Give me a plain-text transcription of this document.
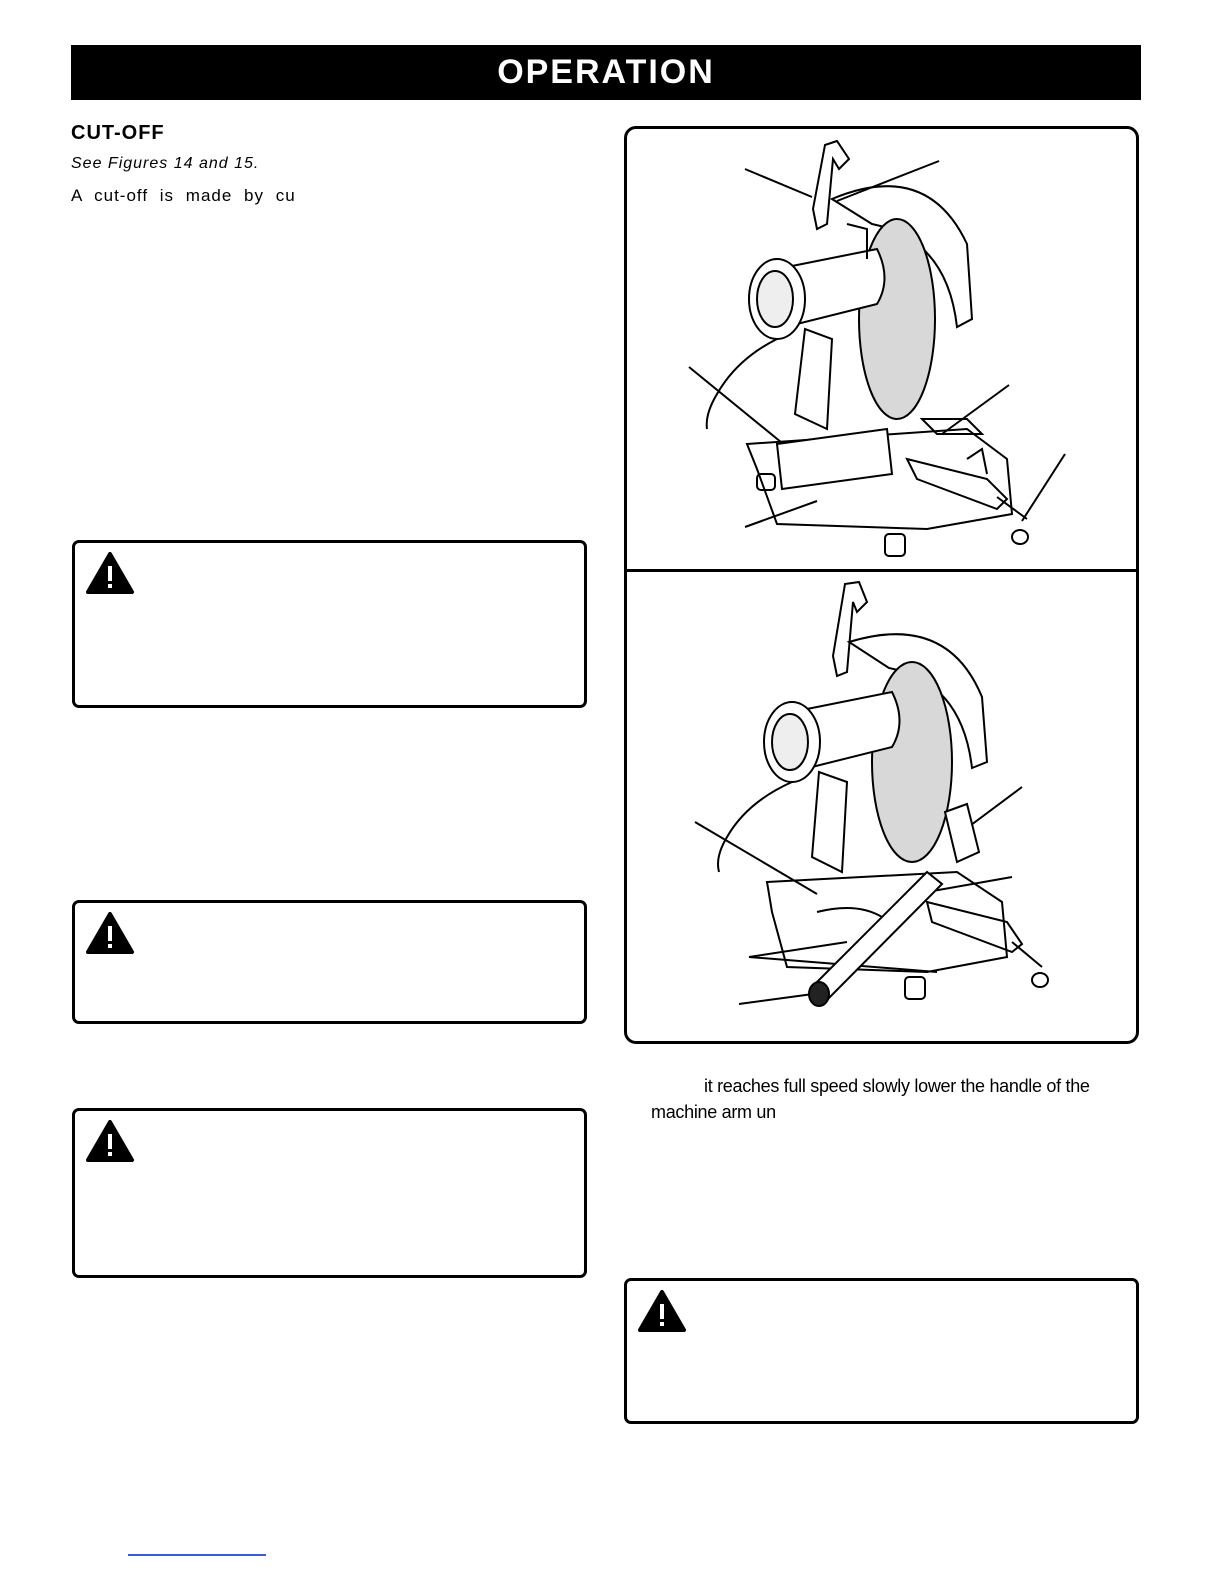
OPERATION
CUT-OFF
See Figures 14 and 15.
A cut-off is made by cu
it reaches full speed slowly lower the handle of the
machine arm un
